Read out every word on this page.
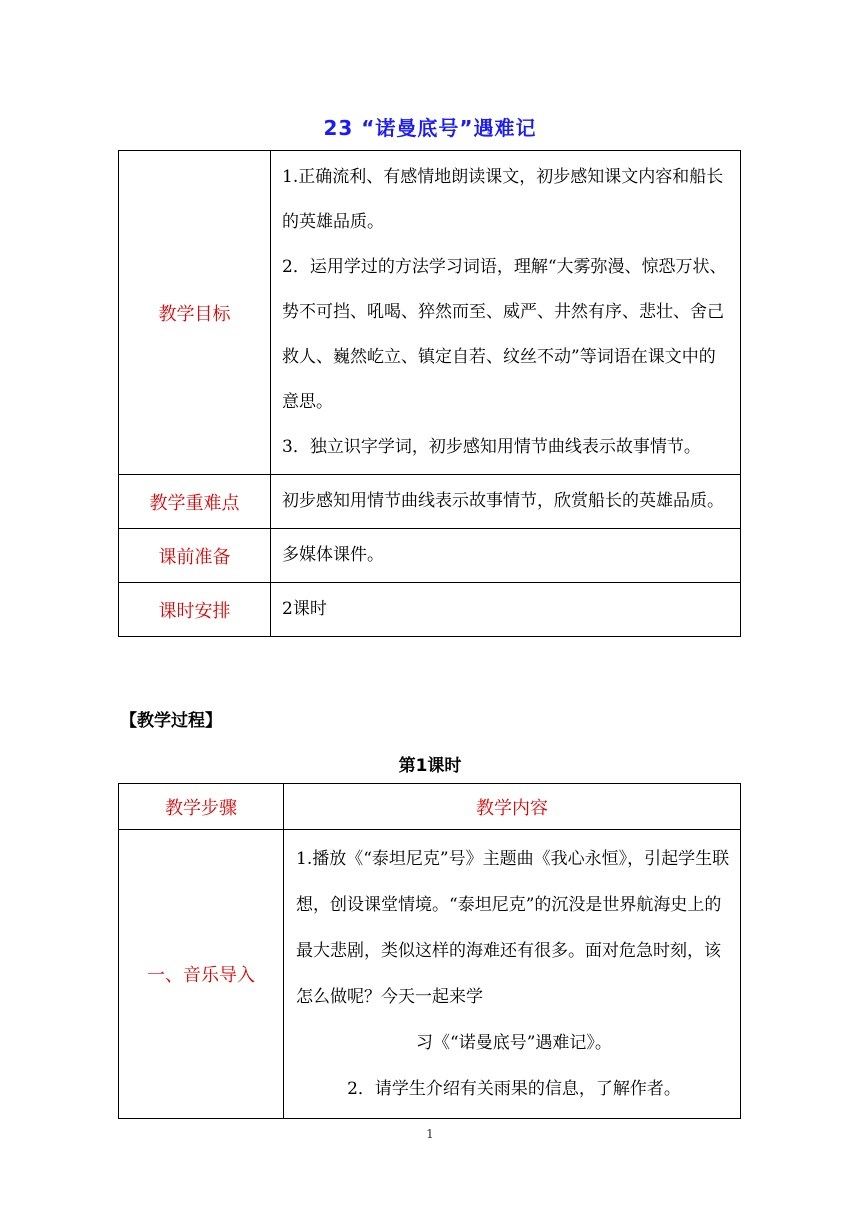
23 “诺曼底号”遇难记
教学目标	1.正确流利、有感情地朗读课文，初步感知课文内容和船长的英雄品质。

2．运用学过的方法学习词语，理解“大雾弥漫、惊恐万状、势不可挡、吼喝、猝然而至、威严、井然有序、悲壮、舍己救人、巍然屹立、镇定自若、纹丝不动”等词语在课文中的意思。

3．独立识字学词，初步感知用情节曲线表示故事情节。

教学重难点	初步感知用情节曲线表示故事情节，欣赏船长的英雄品质。
课前准备	多媒体课件。
课时安排	2课时
【教学过程】
第1课时
教学步骤	教学内容
一、音乐导入	1.播放《“泰坦尼克”号》主题曲《我心永恒》，引起学生联想，创设课堂情境。“泰坦尼克”的沉没是世界航海史上的最大悲剧，类似这样的海难还有很多。面对危急时刻，该怎么做呢？今天一起来学

习《“诺曼底号”遇难记》。

2．请学生介绍有关雨果的信息，了解作者。

1
